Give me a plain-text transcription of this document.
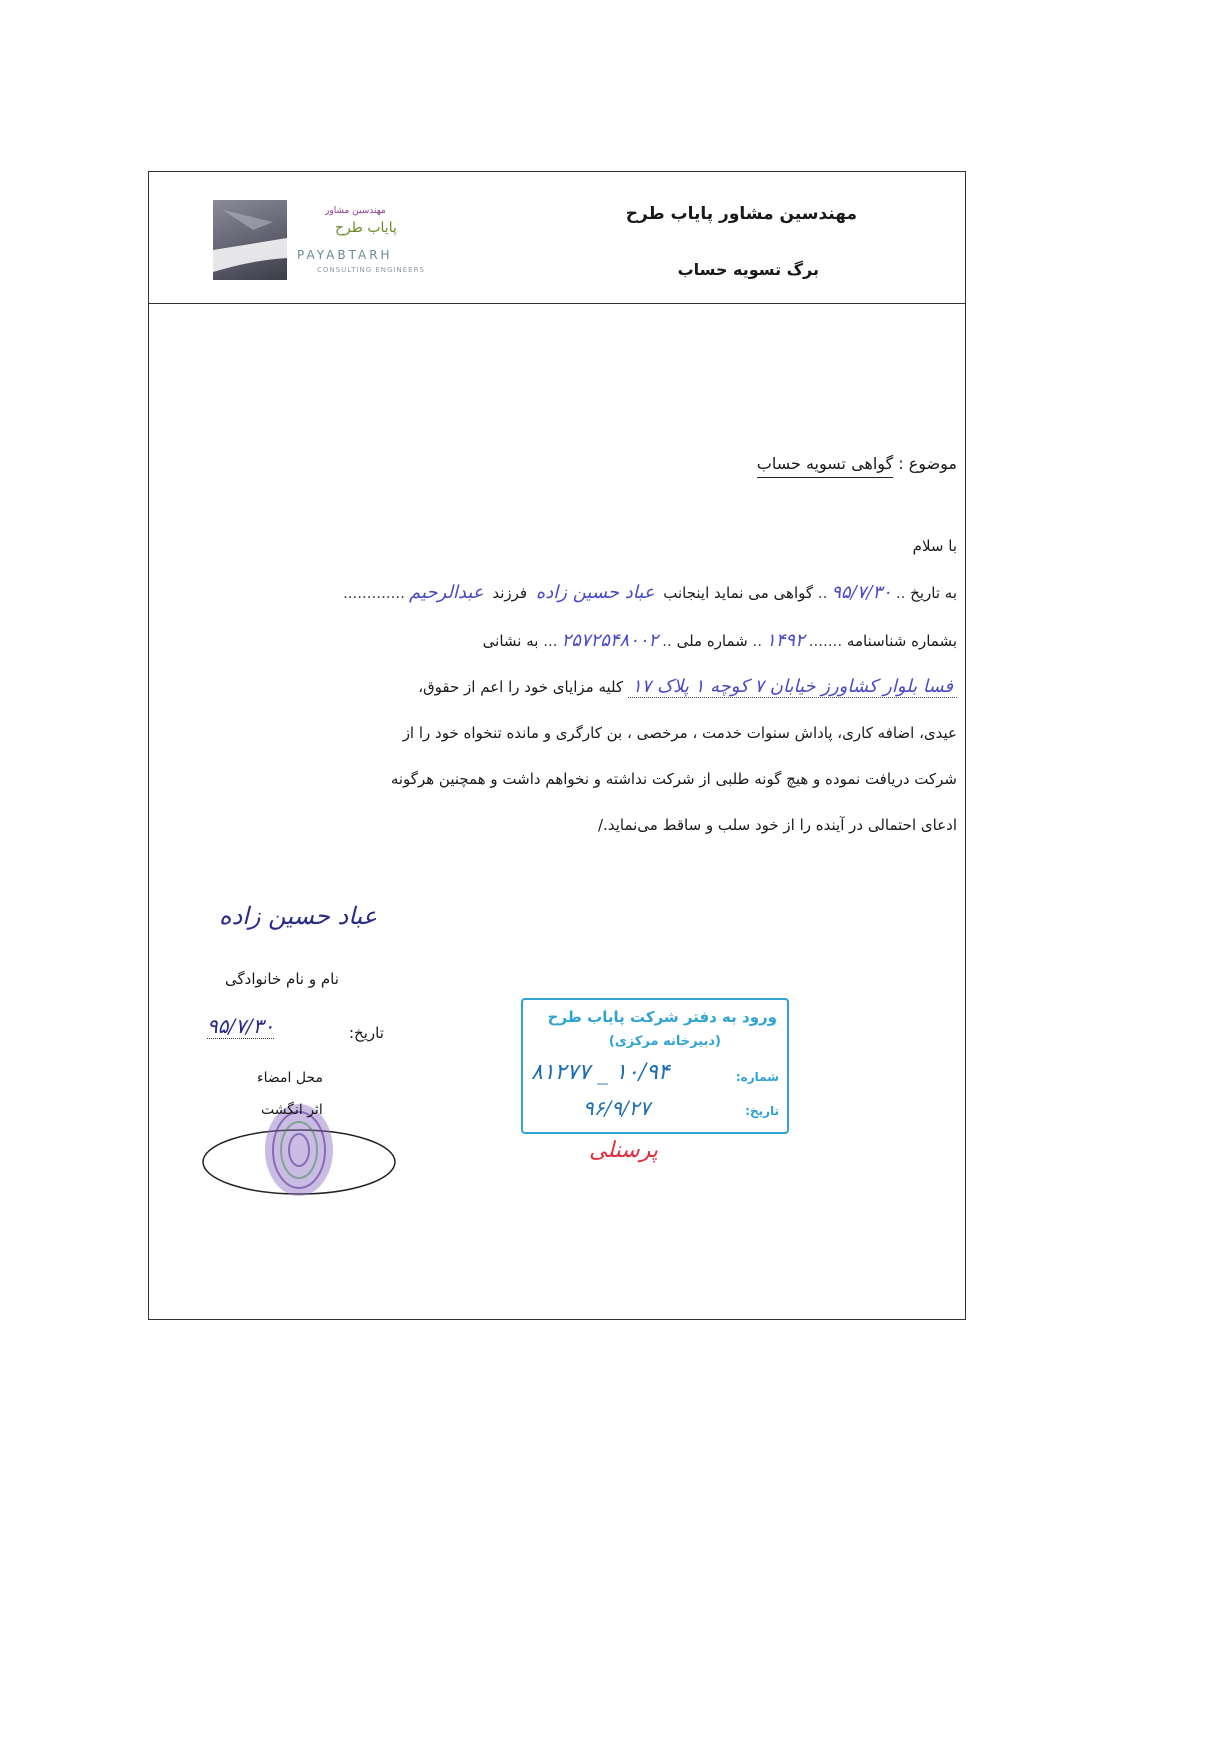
مهندسین مشاور
پایاب طرح
PAYABTARH
CONSULTING ENGINEERS
مهندسین مشاور پایاب طرح
برگ تسویه حساب
موضوع : گواهی تسویه حساب
با سلام
به تاریخ ..۹۵/۷/۳۰.. گواهی می نماید اینجانب عباد حسین زاده فرزند عبدالرحیم.............
بشماره شناسنامه .......۱۴۹۲.. شماره ملی ..۲۵۷۲۵۴۸۰۰۲... به نشانی
فسا بلوار کشاورز خیابان ۷ کوچه ۱ پلاک ۱۷ کلیه مزایای خود را اعم از حقوق،
عیدی، اضافه کاری، پاداش سنوات خدمت ، مرخصی ، بن کارگری و مانده تنخواه خود را از
شرکت دریافت نموده و هیچ گونه طلبی از شرکت نداشته و نخواهم داشت و همچنین هرگونه
ادعای احتمالی در آینده را از خود سلب و ساقط می‌نماید./
عباد حسین زاده
نام و نام خانوادگی
۹۵/۷/۳۰	تاریخ:
محل امضاء
اثر انگشت
ورود به دفتر شرکت پایاب طرح
(دبیرخانه مرکزی)
شماره:
۸۱۲۷۷ _ ۱۰/۹۴
تاریخ:
۹۶/۹/۲۷
پرسنلی
